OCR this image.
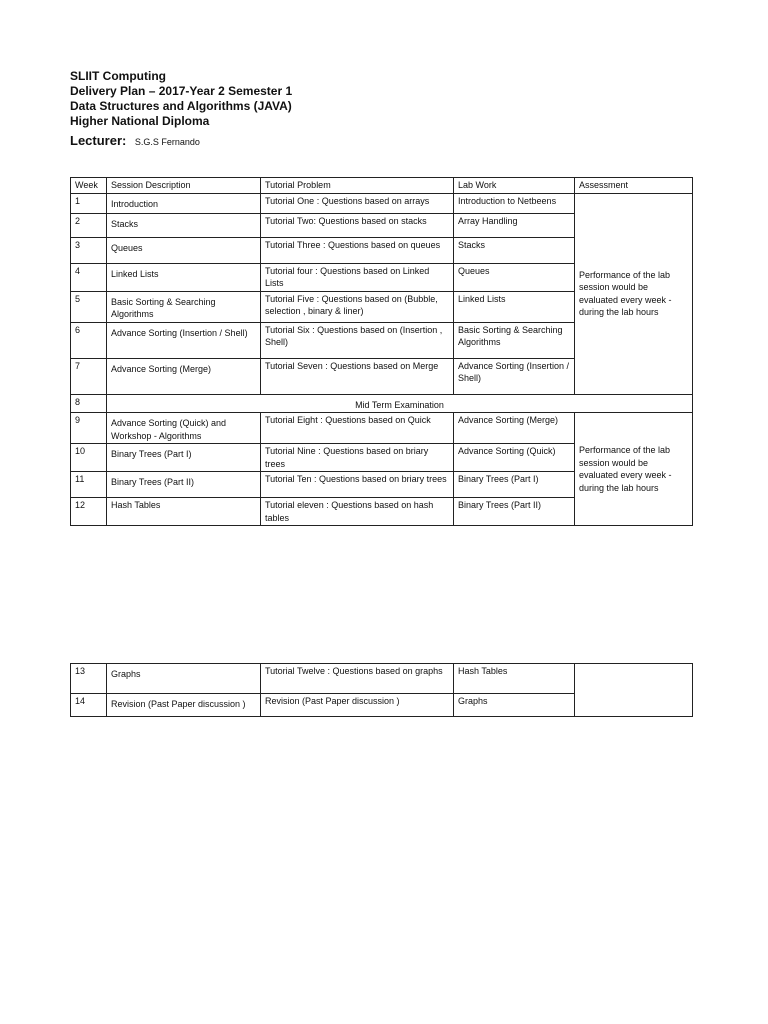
SLIIT Computing
Delivery Plan – 2017-Year 2 Semester 1
Data Structures and Algorithms (JAVA)
Higher National Diploma
Lecturer: S.G.S Fernando
Week	Session Description	Tutorial Problem	Lab Work	Assessment
1	Introduction	Tutorial One : Questions based on arrays	Introduction to Netbeens	Performance of the lab session would be evaluated every week - during the lab hours
2	Stacks	Tutorial Two: Questions based on stacks	Array Handling	
3	Queues	Tutorial Three : Questions based on queues	Stacks	
4	Linked Lists	Tutorial four : Questions based on Linked Lists	Queues	
5	Basic Sorting & Searching Algorithms	Tutorial Five : Questions based on (Bubble, selection , binary & liner)	Linked Lists	
6	Advance Sorting (Insertion / Shell)	Tutorial Six : Questions based on (Insertion , Shell)	Basic Sorting & Searching Algorithms	
7	Advance Sorting (Merge)	Tutorial Seven : Questions based on Merge	Advance Sorting (Insertion / Shell)	
8	Mid Term Examination			
9	Advance Sorting (Quick) and Workshop - Algorithms	Tutorial Eight : Questions based on Quick	Advance Sorting (Merge)	Performance of the lab session would be evaluated every week - during the lab hours
10	Binary Trees (Part I)	Tutorial Nine : Questions based on briary trees	Advance Sorting (Quick)	
11	Binary Trees (Part II)	Tutorial Ten : Questions based on briary trees	Binary Trees (Part I)	
12	Hash Tables	Tutorial eleven : Questions based on hash tables	Binary Trees (Part II)	
13	Graphs	Tutorial Twelve : Questions based on graphs	Hash Tables	
14	Revision (Past Paper discussion )	Revision (Past Paper discussion )	Graphs	
